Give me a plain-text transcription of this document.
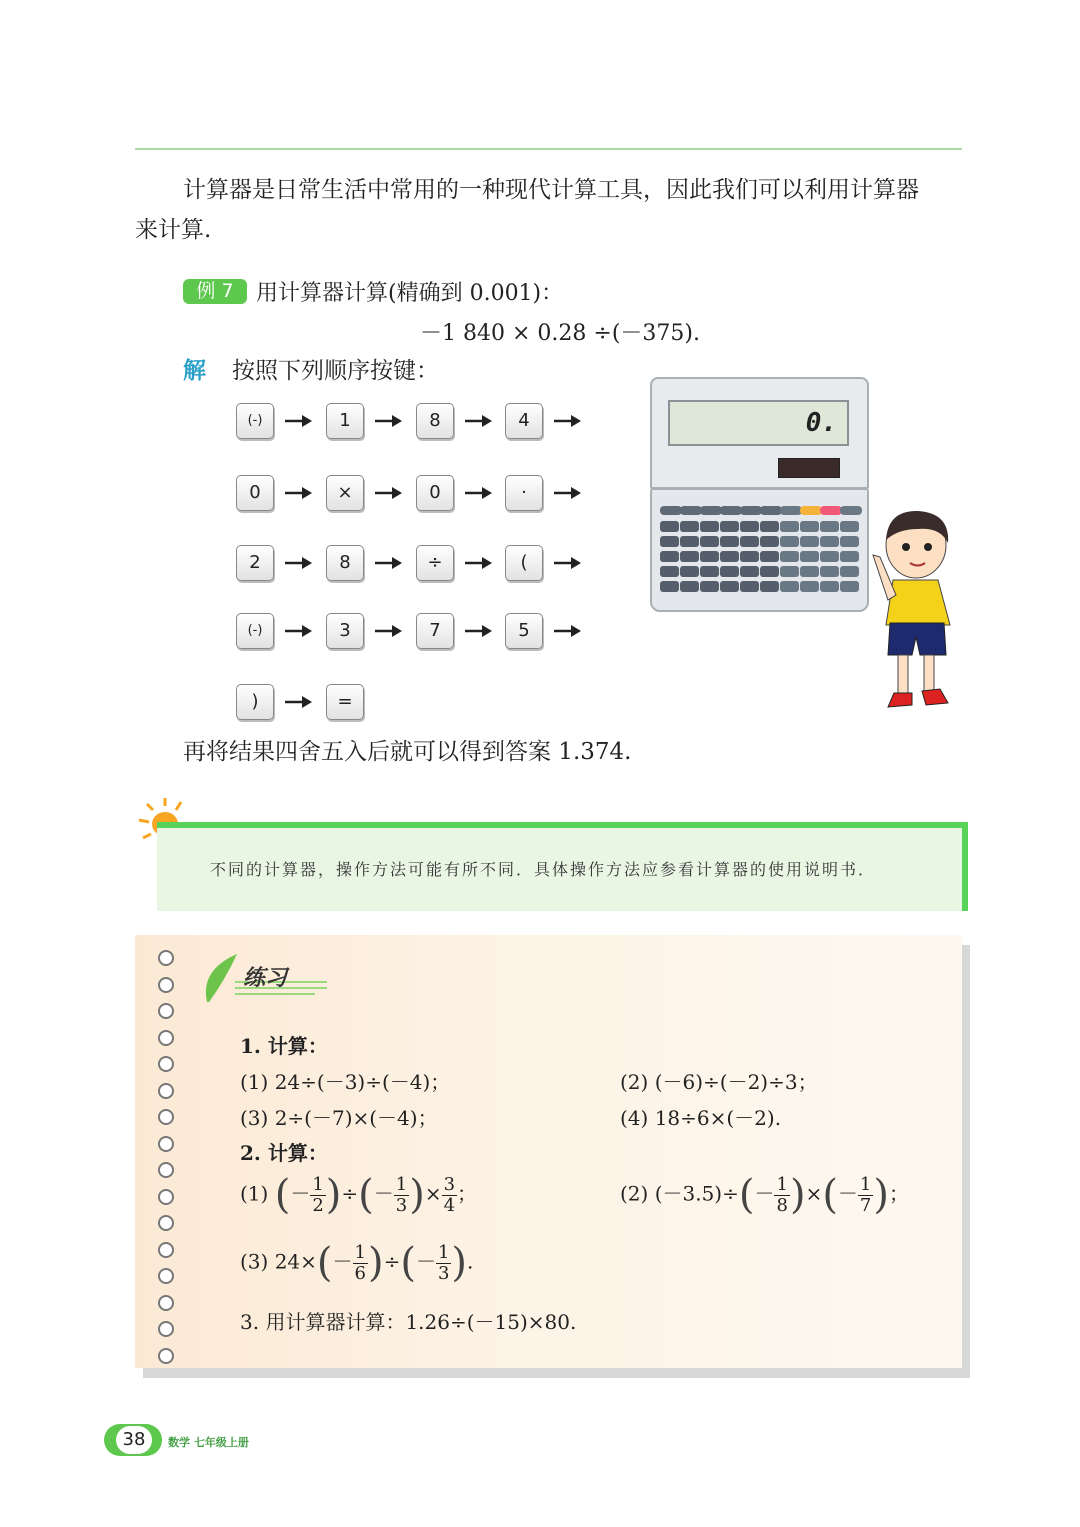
计算器是日常生活中常用的一种现代计算工具，因此我们可以利用计算器
来计算.
例 7	用计算器计算(精确到 0.001)：
－1 840 × 0.28 ÷(－375).
解 按照下列顺序按键：
(-)	1	8	4
0	×	0	·
2	8	÷	(
(-)	3	7	5
)	=
0.
再将结果四舍五入后就可以得到答案 1.374.
不同的计算器，操作方法可能有所不同．具体操作方法应参看计算器的使用说明书．
练习
1. 计算：
(1) 24÷(－3)÷(－4)；	(2) (－6)÷(－2)÷3；
(3) 2÷(－7)×(－4)；	(4) 18÷6×(－2).
2. 计算：
(1) (－ $\frac{1}{2}$ )÷(－ $\frac{1}{3}$ )× $\frac{3}{4}$ ；	(2) $(-3.5)\div(- \frac{1}{8}$ )×(－ $\frac{1}{7}$ )；
(3) $24\times(- \frac{1}{6}$ )÷(－ $\frac{1}{3}$ ).
3. 用计算器计算：1.26÷(－15)×80.
38	数学 七年级上册
